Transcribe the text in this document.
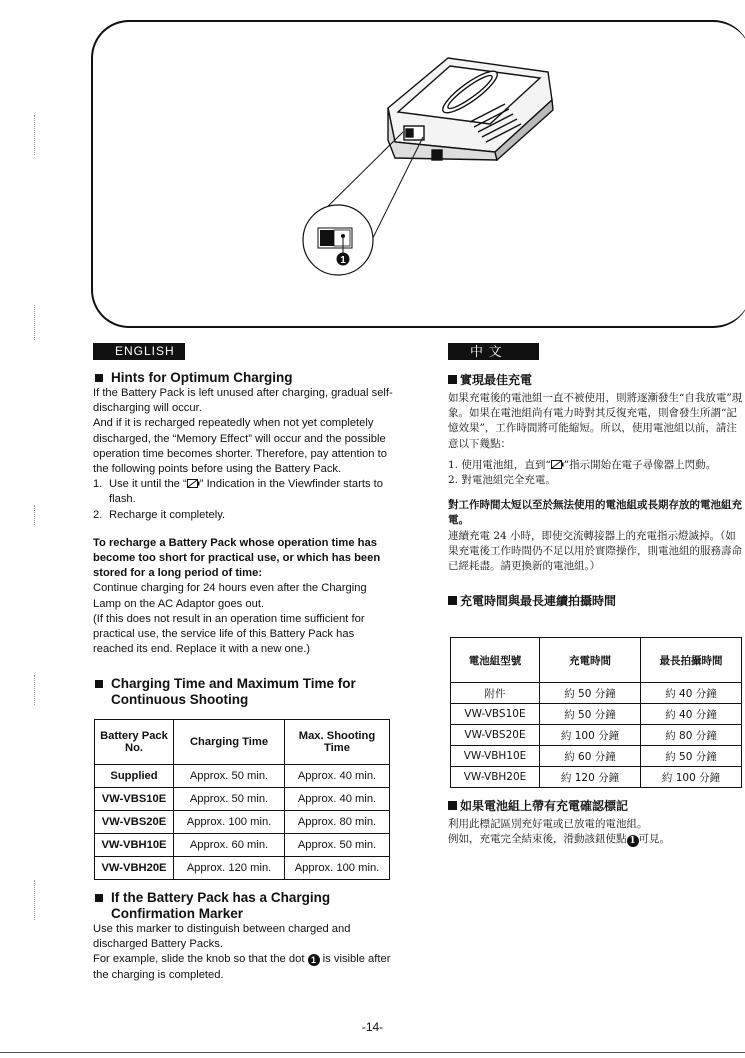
1
ENGLISH
Hints for Optimum Charging

If the Battery Pack is left unused after charging, gradual self-discharging will occur.

And if it is recharged repeatedly when not yet completely discharged, the “Memory Effect” will occur and the possible operation time becomes shorter. Therefore, pay attention to the following points before using the Battery Pack.

1. Use it until the “ ” Indication in the Viewfinder starts to flash.
2. Recharge it completely.

To recharge a Battery Pack whose operation time has become too short for practical use, or which has been stored for a long period of time:

Continue charging for 24 hours even after the Charging Lamp on the AC Adaptor goes out.

(If this does not result in an operation time sufficient for practical use, the service life of this Battery Pack has reached its end. Replace it with a new one.)

Charging Time and Maximum Time for Continuous Shooting
Battery Pack No.	Charging Time	Max. Shooting Time
Supplied	Approx. 50 min.	Approx. 40 min.
VW-VBS10E	Approx. 50 min.	Approx. 40 min.
VW-VBS20E	Approx. 100 min.	Approx. 80 min.
VW-VBH10E	Approx. 60 min.	Approx. 50 min.
VW-VBH20E	Approx. 120 min.	Approx. 100 min.
If the Battery Pack has a Charging Confirmation Marker

Use this marker to distinguish between charged and discharged Battery Packs.

For example, slide the knob so that the dot 1 is visible after the charging is completed.

中 文
實現最佳充電

如果充電後的電池組一直不被使用，則將逐漸發生“自我放電”現象。如果在電池組尚有電力時對其反復充電，則會發生所謂“記憶效果”，工作時間將可能縮短。所以，使用電池組以前，請注意以下幾點：

1. 使用電池組，直到“ ”指示開始在電子尋像器上閃動。

2. 對電池組完全充電。

對工作時間太短以至於無法使用的電池組或長期存放的電池組充電。

連續充電 24 小時，即使交流轉接器上的充電指示燈滅掉。（如果充電後工作時間仍不足以用於實際操作，則電池組的服務壽命已經耗盡。請更換新的電池組。）

充電時間與最長連續拍攝時間
電池組型號	充電時間	最長拍攝時間
附件	約 50 分鐘	約 40 分鐘
VW-VBS10E	約 50 分鐘	約 40 分鐘
VW-VBS20E	約 100 分鐘	約 80 分鐘
VW-VBH10E	約 60 分鐘	約 50 分鐘
VW-VBH20E	約 120 分鐘	約 100 分鐘
如果電池組上帶有充電確認標記

利用此標記區別充好電或已放電的電池組。

例如，充電完全結束後，滑動該鈕使點 1 可見。

-14-
